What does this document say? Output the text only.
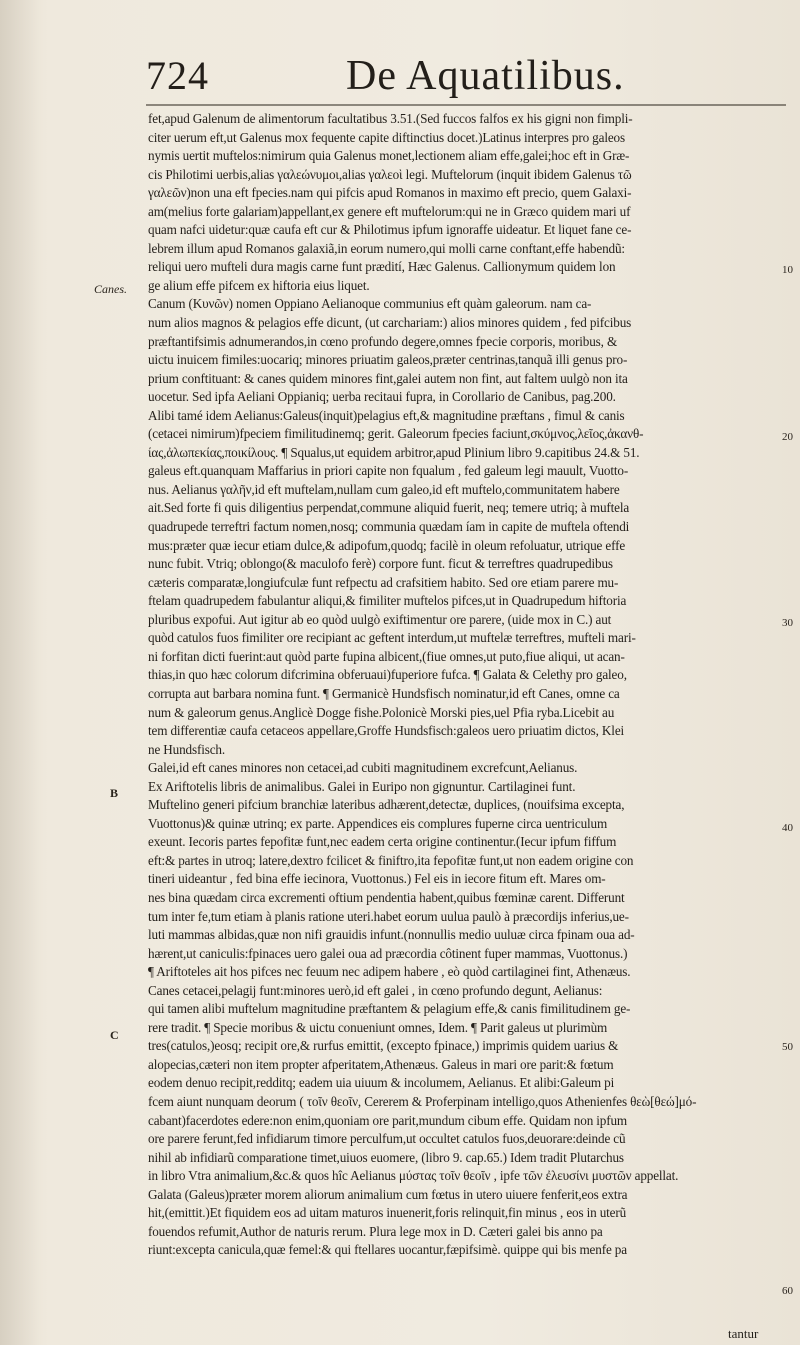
724	De Aquatilibus.
Canes.
B
C
10
20
30
40
50
60
fet,apud Galenum de alimentorum facultatibus 3.51.(Sed fuccos falfos ex his gigni non fimpli-
citer uerum eft,ut Galenus mox fequente capite diftinctius docet.)Latinus interpres pro galeos
nymis uertit muftelos:nimirum quia Galenus monet,lectionem aliam effe,galei;hoc eft in Græ-
cis Philotimi uerbis,alias γαλεώνυμοι,alias γαλεοὶ legi. Muftelorum (inquit ibidem Galenus τῶ
γαλεῶν)non una eft fpecies.nam qui pifcis apud Romanos in maximo eft precio, quem Galaxi-
am(melius forte galariam)appellant,ex genere eft muftelorum:qui ne in Græco quidem mari uf
quam nafci uidetur:quæ caufa eft cur & Philotimus ipfum ignoraffe uideatur. Et liquet fane ce-
lebrem illum apud Romanos galaxiã,in eorum numero,qui molli carne conftant,effe habendũ:
reliqui uero mufteli dura magis carne funt prædití, Hæc Galenus. Callionymum quidem lon
ge alium effe pifcem ex hiftoria eius liquet.
Canum (Κυνῶν) nomen Oppiano Aelianoque communius eft quàm galeorum. nam ca-
num alios magnos & pelagios effe dicunt, (ut carchariam:) alios minores quidem , fed pifcibus
præftantifsimis adnumerandos,in cœno profundo degere,omnes fpecie corporis, moribus, &
uictu inuicem fimiles:uocariq; minores priuatim galeos,præter centrinas,tanquã illi genus pro-
prium conftituant: & canes quidem minores fint,galei autem non fint, aut faltem uulgò non ita
uocetur. Sed ipfa Aeliani Oppianiq; uerba recitaui fupra, in Corollario de Canibus, pag.200.
Alibi tamé idem Aelianus:Galeus(inquit)pelagius eft,& magnitudine præftans , fimul & canis
(cetacei nimirum)fpeciem fimilitudinemq; gerit. Galeorum fpecies faciunt,σκύμνος,λεῖος,ἀκανθ-
ίας,ἀλωπεκίας,ποικίλους. ¶ Squalus,ut equidem arbitror,apud Plinium libro 9.capitibus 24.& 51.
galeus eft.quanquam Maffarius in priori capite non fqualum , fed galeum legi mauult, Vuotto-
nus. Aelianus γαλῆν,id eft muftelam,nullam cum galeo,id eft muftelo,communitatem habere
ait.Sed forte fi quis diligentius perpendat,commune aliquid fuerit, neq; temere utriq; à muftela
quadrupede terreftri factum nomen,nosq; communia quædam íam in capite de muftela oftendi
mus:præter quæ iecur etiam dulce,& adipofum,quodq; facilè in oleum refoluatur, utrique effe
nunc fubit. Vtriq; oblongo(& maculofo ferè) corpore funt. ficut & terreftres quadrupedibus
cæteris comparatæ,longiufculæ funt refpectu ad crafsitiem habito. Sed ore etiam parere mu-
ftelam quadrupedem fabulantur aliqui,& fimiliter muftelos pifces,ut in Quadrupedum hiftoria
pluribus expofui. Aut igitur ab eo quòd uulgò exiftimentur ore parere, (uide mox in C.) aut
quòd catulos fuos fimiliter ore recipiant ac geftent interdum,ut muftelæ terreftres, mufteli mari-
ni forfitan dicti fuerint:aut quòd parte fupina albicent,(fiue omnes,ut puto,fiue aliqui, ut acan-
thias,in quo hæc colorum difcrimina obferuaui)fuperiore fufca. ¶ Galata & Celethy pro galeo,
corrupta aut barbara nomina funt. ¶ Germanicè Hundsfisch nominatur,id eft Canes, omne ca
num & galeorum genus.Anglicè Dogge fishe.Polonicè Morski pies,uel Pfia ryba.Licebit au
tem differentiæ caufa cetaceos appellare,Groffe Hundsfisch:galeos uero priuatim dictos, Klei
ne Hundsfisch.
Galei,id eft canes minores non cetacei,ad cubiti magnitudinem excrefcunt,Aelianus.
Ex Ariftotelis libris de animalibus. Galei in Euripo non gignuntur. Cartilaginei funt.
Muftelino generi pifcium branchiæ lateribus adhærent,detectæ, duplices, (nouifsima excepta,
Vuottonus)& quinæ utrinq; ex parte. Appendices eis complures fuperne circa uentriculum
exeunt. Iecoris partes fepofitæ funt,nec eadem certa origine continentur.(Iecur ipfum fiffum
eft:& partes in utroq; latere,dextro fcilicet & finiftro,ita fepofitæ funt,ut non eadem origine con
tineri uideantur , fed bina effe iecinora, Vuottonus.) Fel eis in iecore fitum eft. Mares om-
nes bina quædam circa excrementi oftium pendentia habent,quibus fœminæ carent. Differunt
tum inter fe,tum etiam à planis ratione uteri.habet eorum uulua paulò à præcordijs inferius,ue-
luti mammas albidas,quæ non nifi grauidis infunt.(nonnullis medio uuluæ circa fpinam oua ad-
hærent,ut caniculis:fpinaces uero galei oua ad præcordia côtinent fuper mammas, Vuottonus.)
¶ Ariftoteles ait hos pifces nec feuum nec adipem habere , eò quòd cartilaginei fint, Athenæus.
Canes cetacei,pelagij funt:minores uerò,id eft galei , in cœno profundo degunt, Aelianus:
qui tamen alibi muftelum magnitudine præftantem & pelagium effe,& canis fimilitudinem ge-
rere tradit. ¶ Specie moribus & uictu conueniunt omnes, Idem. ¶ Parit galeus ut plurimùm
tres(catulos,)eosq; recipit ore,& rurfus emittit, (excepto fpinace,) imprimis quidem uarius &
alopecias,cæteri non item propter afperitatem,Athenæus. Galeus in mari ore parit:& fœtum
eodem denuo recipit,redditq; eadem uia uiuum & incolumem, Aelianus. Et alibi:Galeum pi
fcem aiunt nunquam deorum ( τοῖν θεοῖν, Cererem & Proferpinam intelligo,quos Athenienfes θεὼ[θεώ]μό-
cabant)facerdotes edere:non enim,quoniam ore parit,mundum cibum effe. Quidam non ipfum
ore parere ferunt,fed infidiarum timore perculfum,ut occultet catulos fuos,deuorare:deinde cũ
nihil ab infidiarũ comparatione timet,uiuos euomere, (libro 9. cap.65.) Idem tradit Plutarchus
in libro Vtra animalium,&c.& quos hîc Aelianus μύστας τοῖν θεοῖν , ipfe τῶν ἐλευσίνι μυστῶν appellat.
Galata (Galeus)præter morem aliorum animalium cum fœtus in utero uiuere fenferit,eos extra
hit,(emittit.)Et fiquidem eos ad uitam maturos inuenerit,foris relinquit,fin minus , eos in uterũ
fouendos refumit,Author de naturis rerum. Plura lege mox in D. Cæteri galei bis anno pa
riunt:excepta canicula,quæ femel:& qui ftellares uocantur,fæpifsimè. quippe qui bis menfe pa
tantur
